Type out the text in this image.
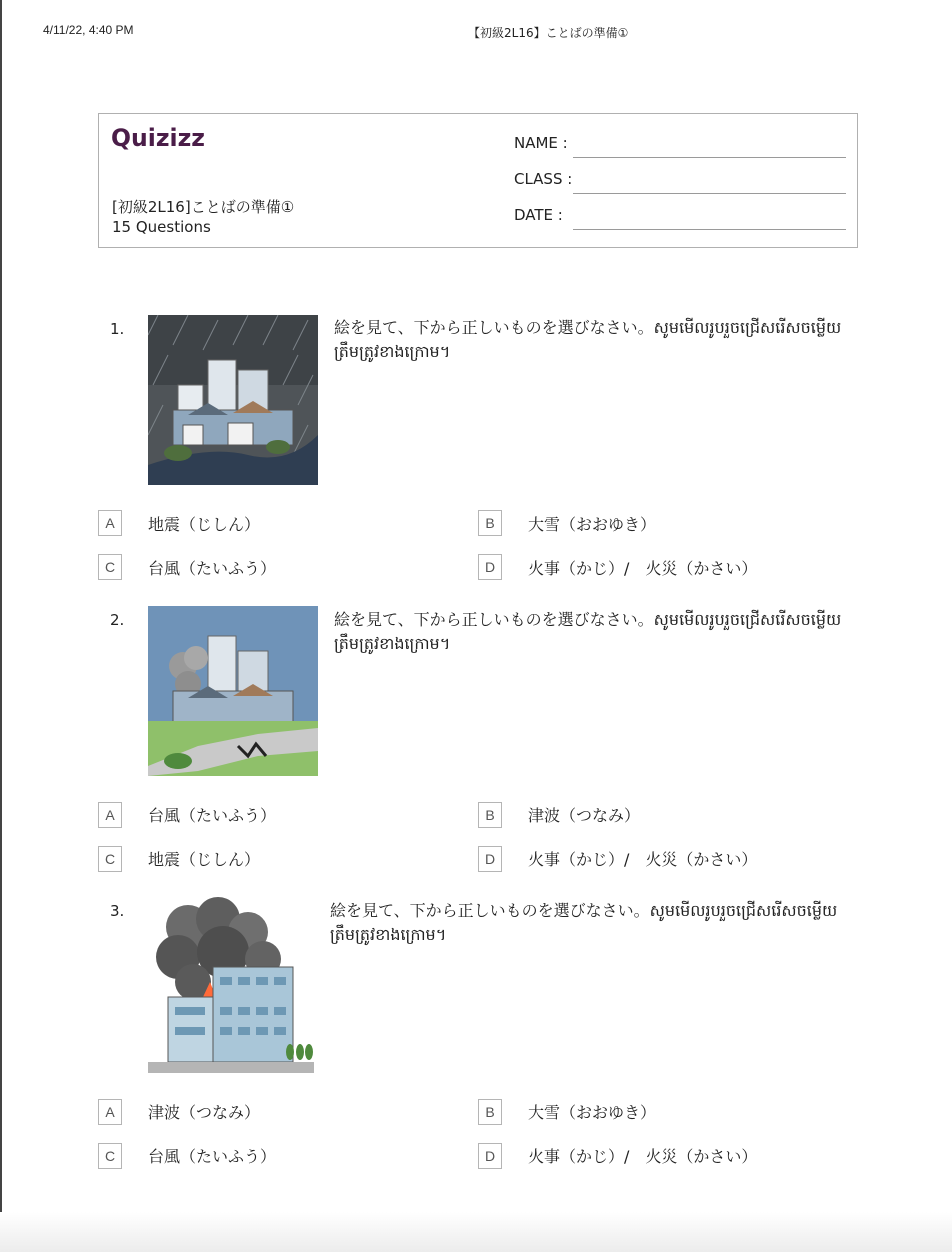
4/11/22, 4:40 PM	【初級2L16】ことばの準備①
Quizizz
[初級2L16]ことばの準備①
15 Questions
NAME :
CLASS :
DATE :
1.	絵を見て、下から正しいものを選びなさい。សូមមើលរូបរួចជ្រើសរើសចម្លើយត្រឹមត្រូវខាងក្រោម។
A	地震（じしん）	B	大雪（おおゆき）
C	台風（たいふう）	D	火事（かじ）/　火災（かさい）
2.	絵を見て、下から正しいものを選びなさい。សូមមើលរូបរួចជ្រើសរើសចម្លើយត្រឹមត្រូវខាងក្រោម។
A	台風（たいふう）	B	津波（つなみ）
C	地震（じしん）	D	火事（かじ）/　火災（かさい）
3.	絵を見て、下から正しいものを選びなさい。សូមមើលរូបរួចជ្រើសរើសចម្លើយត្រឹមត្រូវខាងក្រោម។
A	津波（つなみ）	B	大雪（おおゆき）
C	台風（たいふう）	D	火事（かじ）/　火災（かさい）
